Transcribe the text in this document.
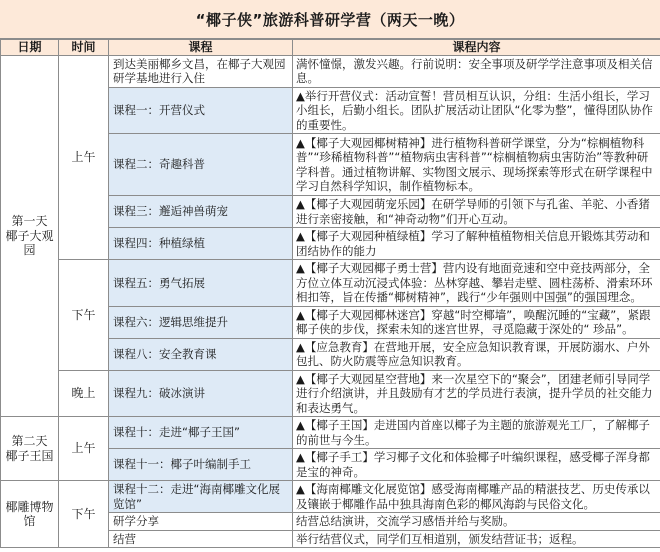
“椰子侠”旅游科普研学营（两天一晚）
日期	时间	课程	课程内容

第一天
椰子大观园	上午	到达美丽椰乡文昌，在椰子大观园研学基地进行入住	满怀憧憬，激发兴趣。行前说明：安全事项及研学学注意事项及相关信息。
		课程一：开营仪式	▲举行开营仪式：活动宣誓！营员相互认识，分组：生活小组长，学习小组长，后勤小组长。团队扩展活动让团队“化零为整”，懂得团队协作的重要性。
		课程二：奇趣科普	▲【椰子大观园椰树精神】进行植物科普研学课堂，分为“棕榈植物科普”“珍稀植物科普”“植物病虫害科普”“棕榈植物病虫害防治”等教种研学科普。通过植物讲解、实物图文展示、现场探索等形式在研学课程中学习自然科学知识，制作植物标本。
		课程三：邂逅神兽萌宠	▲【椰子大观园萌宠乐园】在研学导师的引领下与孔雀、羊驼、小香猪进行亲密接触，和“神奇动物”们开心互动。
		课程四：种植绿植	▲【椰子大观园种植绿植】学习了解种植植物相关信息开锻炼其劳动和团结协作的能力
	下午	课程五：勇气拓展	▲【椰子大观园椰子勇士营】营内设有地面竞速和空中竞技两部分，全方位立体互动沉浸式体验：丛林穿越、攀岩走壁、圆柱荡桥、滑索环环相扣等，旨在传播“椰树精神”，践行“少年强则中国强”的强国理念。
		课程六：逻辑思维提升	▲【椰子大观园椰林迷宫】穿越“时空椰墙”，唤醒沉睡的“宝藏”，紧跟椰子侠的步伐，探索未知的迷宫世界，寻觅隐藏于深处的“ 珍品”。
		课程八：安全教育课	▲【应急教育】在营地开展，安全应急知识教育课，开展防溺水、户外包扎、防火防震等应急知识教育。
	晚上	课程九：破冰演讲	▲【椰子大观园星空营地】来一次星空下的“聚会”，团建老师引导同学进行介绍演讲，并且鼓励有才艺的学员进行表演，提升学员的社交能力和表达勇气。

第二天
椰子王国	上午	课程十：走进“椰子王国”	▲【椰子王国】走进国内首座以椰子为主题的旅游观光工厂，了解椰子的前世与今生。
		课程十一：椰子叶编制手工	▲【椰子手工】学习椰子文化和体验椰子叶编织课程，感受椰子浑身都是宝的神奇。
椰雕博物馆	下午	课程十二：走进“海南椰雕文化展览馆”	▲【海南椰雕文化展览馆】感受海南椰雕产品的精湛技艺、历史传承以及镶嵌于椰雕作品中独具海南色彩的椰风海韵与民俗文化。
		研学分享	结营总结演讲，交流学习感悟并给与奖励。
		结营	举行结营仪式，同学们互相道别，颁发结营证书；返程。
